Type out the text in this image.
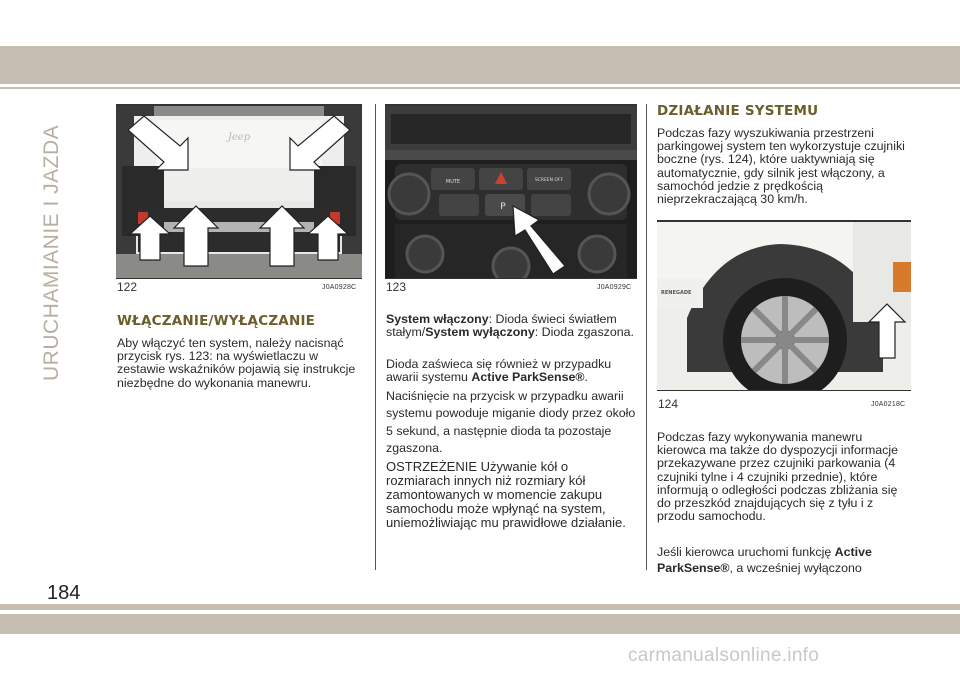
URUCHAMIANIE I JAZDA	Jeep
122	J0A0928C
WŁĄCZANIE/WYŁĄCZANIE

Aby włączyć ten system, należy nacisnąć przycisk rys. 123: na wyświetlaczu w zestawie wskaźników pojawią się instrukcje niezbędne do wykonania manewru.

MUTE	SCREEN OFF
P
123	J0A0929C

System włączony: Dioda świeci światłem stałym/System wyłączony: Dioda zgaszona.

Dioda zaświeca się również w przypadku awarii systemu Active ParkSense®.

Naciśnięcie na przycisk w przypadku awarii systemu powoduje miganie diody przez około 5 sekund, a następnie dioda ta pozostaje zgaszona.

OSTRZEŻENIE Używanie kół o rozmiarach innych niż rozmiary kół zamontowanych w momencie zakupu samochodu może wpłynąć na system, uniemożliwiając mu prawidłowe działanie.

DZIAŁANIE SYSTEMU

Podczas fazy wyszukiwania przestrzeni parkingowej system ten wykorzystuje czujniki boczne (rys. 124), które uaktywniają się automatycznie, gdy silnik jest włączony, a samochód jedzie z prędkością nieprzekraczającą 30 km/h.

RENEGADE
124	J0A0218C

Podczas fazy wykonywania manewru kierowca ma także do dyspozycji informacje przekazywane przez czujniki parkowania (4 czujniki tylne i 4 czujniki przednie), które informują o odległości podczas zbliżania się do przeszkód znajdujących się z tyłu i z przodu samochodu.

Jeśli kierowca uruchomi funkcję Active ParkSense®, a wcześniej wyłączono

184
carmanualsonline.info
